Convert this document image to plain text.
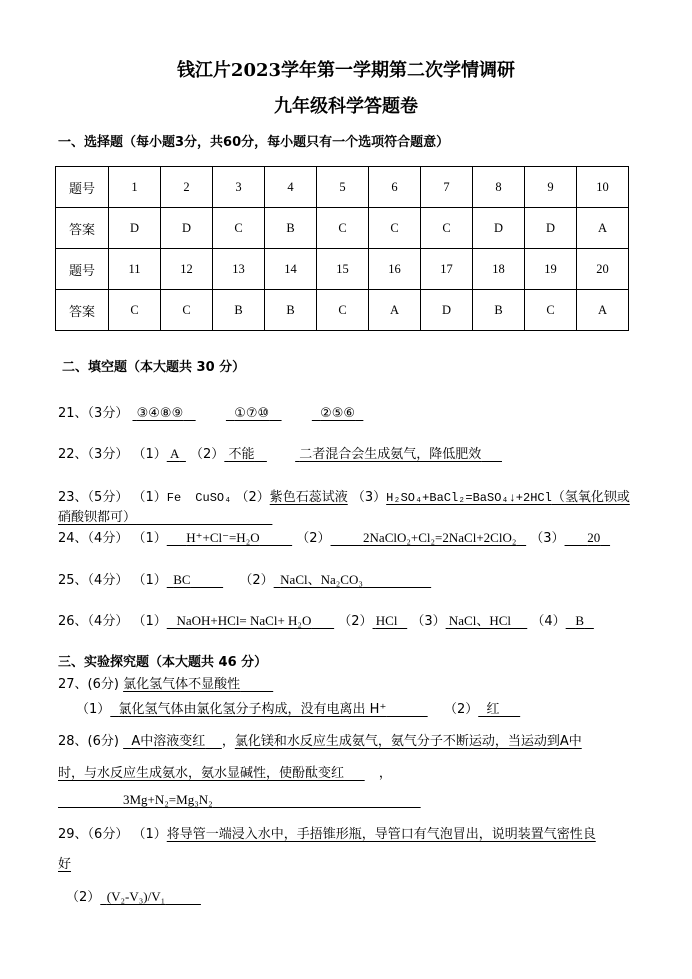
钱江片2023学年第一学期第二次学情调研
九年级科学答题卷
一、选择题（每小题3分，共60分，每小题只有一个选项符合题意）
题号	1	2	3	4	5	6	7	8	9	10
答案	D	D	C	B	C	C	C	D	D	A
题号	11	12	13	14	15	16	17	18	19	20
答案	C	C	B	B	C	A	D	B	C	A
二、填空题（本大题共 30 分）
21、（3分） ③④⑧⑨	①⑦⑩	②⑤⑥
22、（3分） （1） A （2） 不能	二者混合会生成氨气，降低肥效
23、（5分） （1）Fe CuSO₄ （2）紫色石蕊试液 （3）H₂SO₄+BaCl₂=BaSO₄↓+2HCl（氢氧化钡或
硝酸钡都可）
24、（4分） （1） H⁺+Cl⁻=H₂O	（2）	2NaClO₂+Cl₂=2NaCl+2ClO₂ （3） 20
25、（4分） （1） BC	（2） NaCl、Na₂CO₃
26、（4分） （1） NaOH+HCl= NaCl+ H₂O （2） HCl （3） NaCl、HCl （4） B
三、实验探究题（本大题共 46 分）
27、(6分) 氯化氢气体不显酸性
（1） 氯化氢气体由氯化氢分子构成，没有电离出 H⁺	（2） 红
28、(6分) A中溶液变红 ，氯化镁和水反应生成氨气，氨气分子不断运动，当运动到A中
时，与水反应生成氨水，氨水显碱性，使酚酞变红	，
3Mg+N₂=Mg₃N₂
29、（6分） （1）将导管一端浸入水中，手捂锥形瓶，导管口有气泡冒出，说明装置气密性良
好
（2） (V₂-V₃)/V₁
